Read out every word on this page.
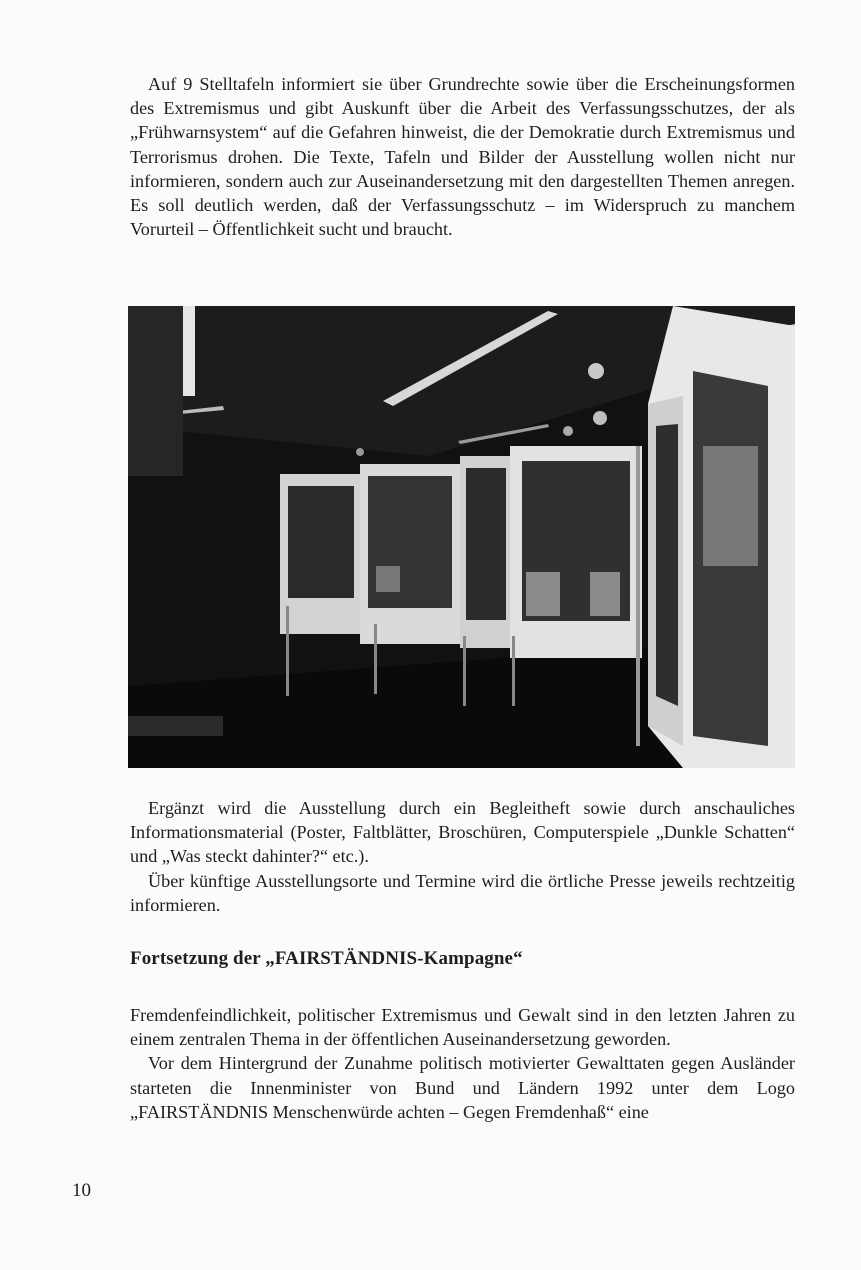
Auf 9 Stelltafeln informiert sie über Grundrechte sowie über die Erscheinungsformen des Extremismus und gibt Auskunft über die Arbeit des Verfassungsschutzes, der als „Frühwarnsystem“ auf die Gefahren hinweist, die der Demokratie durch Extremismus und Terrorismus drohen. Die Texte, Tafeln und Bilder der Ausstellung wollen nicht nur informieren, sondern auch zur Auseinandersetzung mit den dargestellten Themen anregen. Es soll deutlich werden, daß der Verfassungsschutz – im Widerspruch zu manchem Vorurteil – Öffentlichkeit sucht und braucht.

Ergänzt wird die Ausstellung durch ein Begleitheft sowie durch anschauliches Informationsmaterial (Poster, Faltblätter, Broschüren, Computerspiele „Dunkle Schatten“ und „Was steckt dahinter?“ etc.).

Über künftige Ausstellungsorte und Termine wird die örtliche Presse jeweils rechtzeitig informieren.

Fortsetzung der „FAIRSTÄNDNIS-Kampagne“

Fremdenfeindlichkeit, politischer Extremismus und Gewalt sind in den letzten Jahren zu einem zentralen Thema in der öffentlichen Auseinandersetzung geworden.

Vor dem Hintergrund der Zunahme politisch motivierter Gewalttaten gegen Ausländer starteten die Innenminister von Bund und Ländern 1992 unter dem Logo „FAIRSTÄNDNIS Menschenwürde achten – Gegen Fremdenhaß“ eine

10
